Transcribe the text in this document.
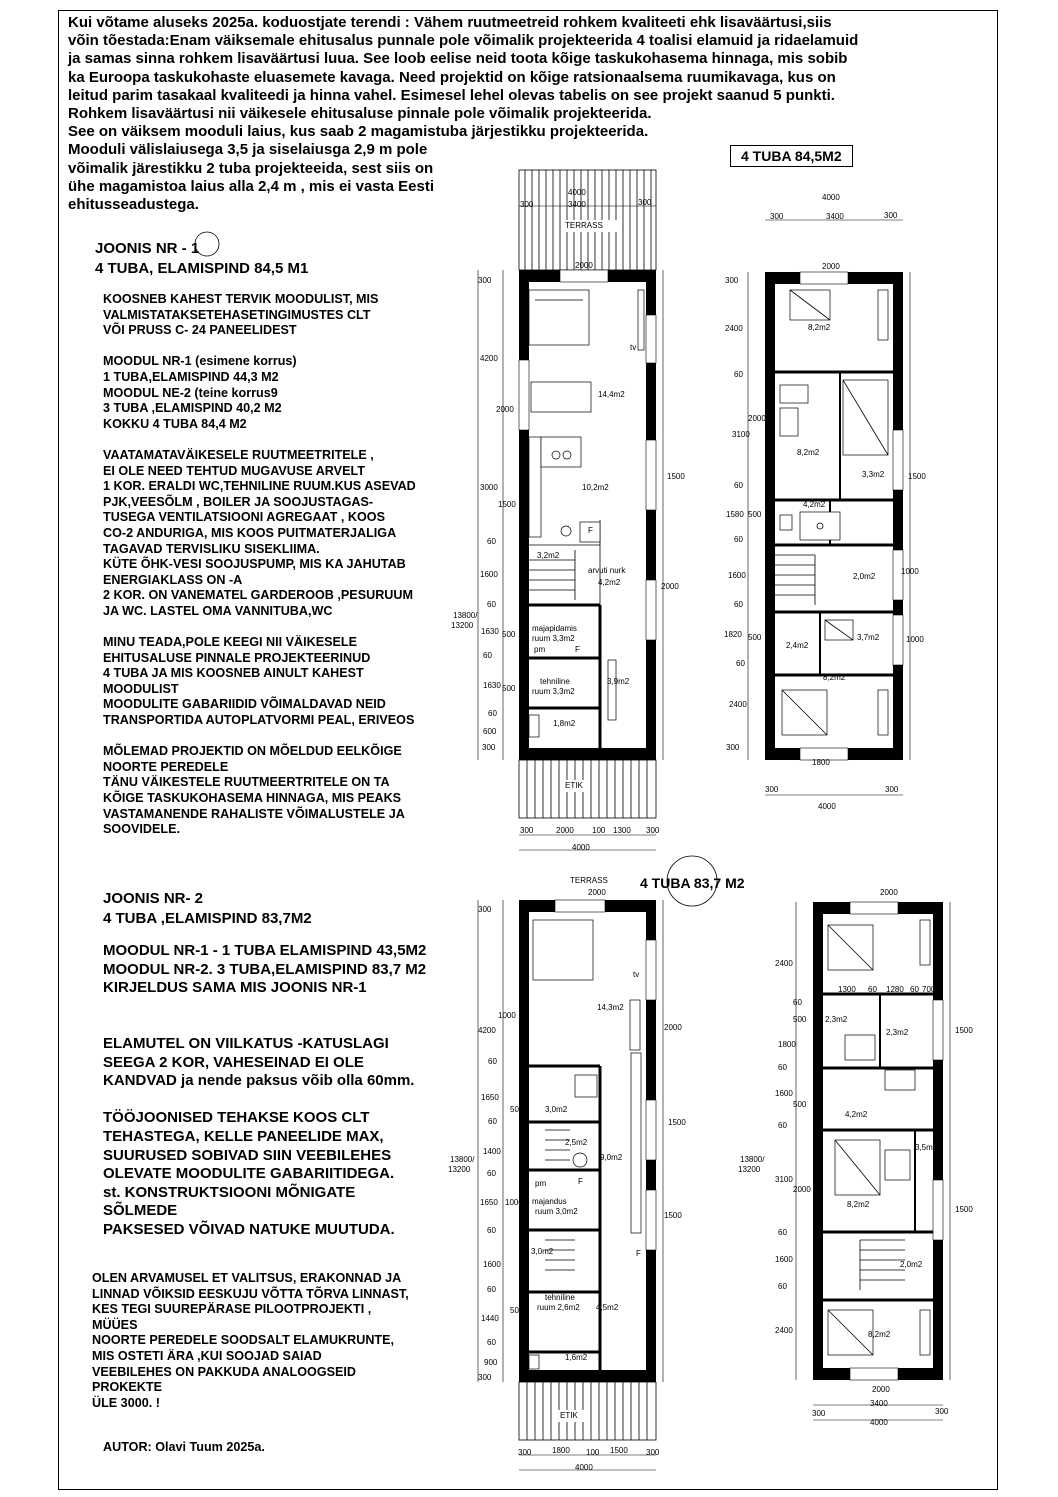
Kui võtame aluseks 2025a. koduostjate terendi : Vähem ruutmeetreid rohkem kvaliteeti ehk lisaväärtusi,siis
võin tõestada:Enam väiksemale ehitusalus punnale pole võimalik projekteerida 4 toalisi elamuid ja ridaelamuid
ja samas sinna rohkem lisaväärtusi luua. See loob eelise neid toota kõige taskukohasema hinnaga, mis sobib
ka Euroopa taskukohaste eluasemete kavaga. Need projektid on kõige ratsionaalsema ruumikavaga, kus on
leitud parim tasakaal kvaliteedi ja hinna vahel. Esimesel lehel olevas tabelis on see projekt saanud 5 punkti.
Rohkem lisaväärtusi nii väikesele ehitusaluse pinnale pole võimalik projekteerida.
See on väiksem mooduli laius, kus saab 2 magamistuba järjestikku projekteerida.
Mooduli välislaiusega 3,5 ja siselaiusga 2,9 m pole
võimalik järestikku 2 tuba projekteeida, sest siis on
ühe magamistoa laius alla 2,4 m , mis ei vasta Eesti
ehitusseadustega.
JOONIS NR - 1
4 TUBA, ELAMISPIND 84,5 M1
4 TUBA 84,5M2
KOOSNEB KAHEST TERVIK MOODULIST, MIS
VALMISTATAKSETEHASETINGIMUSTES CLT
VÕI PRUSS C- 24 PANEELIDEST
MOODUL NR-1 (esimene korrus)
1 TUBA,ELAMISPIND 44,3 M2
MOODUL NE-2 (teine korrus9
3 TUBA ,ELAMISPIND 40,2 M2
KOKKU 4 TUBA 84,4 M2
VAATAMATAVÄIKESELE RUUTMEETRITELE ,
EI OLE NEED TEHTUD MUGAVUSE ARVELT
1 KOR. ERALDI WC,TEHNILINE RUUM.KUS ASEVAD
PJK,VEESÕLM , BOILER JA SOOJUSTAGAS-
TUSEGA VENTILATSIOONI AGREGAAT , KOOS
CO-2 ANDURIGA, MIS KOOS PUITMATERJALIGA
TAGAVAD TERVISLIKU SISEKLIIMA.
KÜTE ÕHK-VESI SOOJUSPUMP, MIS KA JAHUTAB
ENERGIAKLASS ON -A
2 KOR. ON VANEMATEL GARDEROOB ,PESURUUM
JA WC. LASTEL OMA VANNITUBA,WC
MINU TEADA,POLE KEEGI NII VÄIKESELE
EHITUSALUSE PINNALE PROJEKTEERINUD
4 TUBA JA MIS KOOSNEB AINULT KAHEST
MOODULIST
MOODULITE GABARIIDID VÕIMALDAVAD NEID
TRANSPORTIDA AUTOPLATVORMI PEAL, ERIVEOS
MÕLEMAD PROJEKTID ON MÕELDUD EELKÕIGE
NOORTE PEREDELE
TÄNU VÄIKESTELE RUUTMEERTRITELE ON TA
KÕIGE TASKUKOHASEMA HINNAGA, MIS PEAKS
VASTAMANENDE RAHALISTE VÕIMALUSTELE JA
SOOVIDELE.
JOONIS NR- 2
4 TUBA ,ELAMISPIND 83,7M2
4 TUBA 83,7 M2
MOODUL NR-1 - 1 TUBA ELAMISPIND 43,5M2
MOODUL NR-2. 3 TUBA,ELAMISPIND 83,7 M2
KIRJELDUS SAMA MIS JOONIS NR-1
ELAMUTEL ON VIILKATUS -KATUSLAGI
SEEGA 2 KOR, VAHESEINAD EI OLE
KANDVAD ja nende paksus võib olla 60mm.
TÖÖJOONISED TEHAKSE KOOS CLT
TEHASTEGA, KELLE PANEELIDE MAX,
SUURUSED SOBIVAD SIIN VEEBILEHES
OLEVATE MOODULITE GABARIITIDEGA.
st. KONSTRUKTSIOONI MÕNIGATE
SÕLMEDE
PAKSESED VÕIVAD NATUKE MUUTUDA.
OLEN ARVAMUSEL ET VALITSUS, ERAKONNAD JA
LINNAD VÕIKSID EESKUJU VÕTTA TÕRVA LINNAST,
KES TEGI SUUREPÄRASE PILOOTPROJEKTI ,
MÜÜES
NOORTE PEREDELE SOODSALT ELAMUKRUNTE,
MIS OSTETI ÄRA ,KUI SOOJAD SAIAD
VEEBILEHES ON PAKKUDA ANALOOGSEID
PROKEKTE
ÜLE 3000. !
AUTOR: Olavi Tuum 2025a.
TERRASS
ETIK
tv
14,4m2
10,2m2
3,2m2
arvuti nurk
4,2m2
majapidamis
ruum 3,3m2
pm	F
F
tehniline
ruum 3,3m2
3,9m2
1,8m2
4000
3400
300	300
2000
300
4200
2000
3000
1500
60
1600
60
1630 500
60
1630 500
60
600
300
13800/
13200
1500
2000
300	2000 100 1300 300
4000
8,2m2
8,2m2
3,3m2
4,2m2
2,0m2
2,4m2
3,7m2
8,2m2
4000
300	3400	300
2000
300
2400
60
2000
3100
60
1580 500
60
1600
60
1820 500
60
2400
300
1500
1000
1000
1800
300	300
4000
TERRASS
ETIK
tv
14,3m2
3,0m2
2,5m2
9,0m2
pm	F
majandus
ruum 3,0m2
3,0m2	F
tehniline
ruum 2,6m2 4,5m2
1,6m2
2000
300
1000
4200
60
1650
500
60
1400
13800/
13200 60
1650 1000
60
1600
60
1440
500
60
900
300
2000
1500
1500
300	1800 100 1500 300
4000
2,3m2
2,3m2
4,2m2
3,5m2
8,2m2
2,0m2
8,2m2
2000
1300 60 1280 60 700
2400
60
500
1800
60
1600
500
60
13800/
13200
3100
2000
60
1600
60
2400
1500
1500
2000
3400
300	300
4000
